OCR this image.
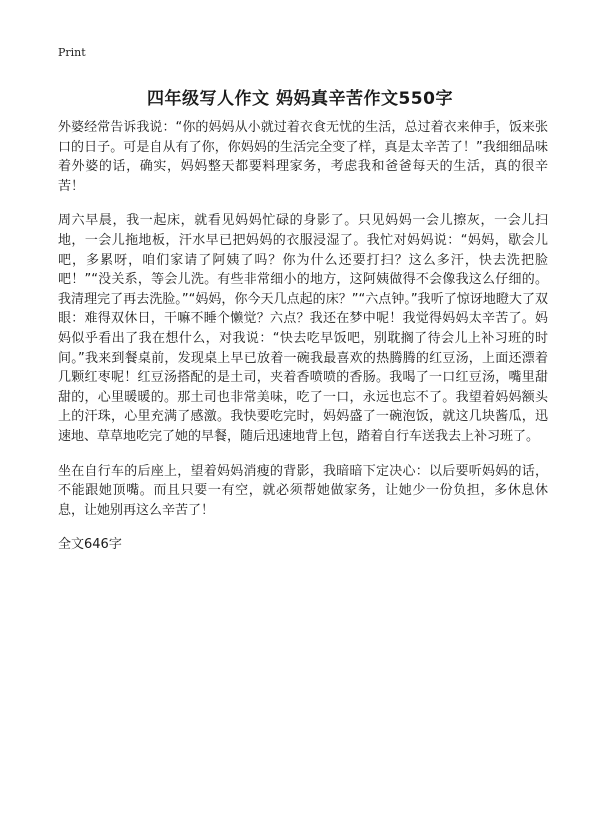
Print
四年级写人作文 妈妈真辛苦作文550字

外婆经常告诉我说：“你的妈妈从小就过着衣食无忧的生活，总过着衣来伸手，饭来张口的日子。可是自从有了你，你妈妈的生活完全变了样，真是太辛苦了！”我细细品味着外婆的话，确实，妈妈整天都要料理家务，考虑我和爸爸每天的生活，真的很辛苦！

周六早晨，我一起床，就看见妈妈忙碌的身影了。只见妈妈一会儿擦灰，一会儿扫地，一会儿拖地板，汗水早已把妈妈的衣服浸湿了。我忙对妈妈说：“妈妈，歇会儿吧，多累呀，咱们家请了阿姨了吗？你为什么还要打扫？这么多汗，快去洗把脸吧！”“没关系，等会儿洗。有些非常细小的地方，这阿姨做得不会像我这么仔细的。我清理完了再去洗脸。”“妈妈，你今天几点起的床？”“六点钟。”我听了惊讶地瞪大了双眼：难得双休日，干嘛不睡个懒觉？六点？我还在梦中呢！我觉得妈妈太辛苦了。妈妈似乎看出了我在想什么，对我说：“快去吃早饭吧，别耽搁了待会儿上补习班的时间。”我来到餐桌前，发现桌上早已放着一碗我最喜欢的热腾腾的红豆汤，上面还漂着几颗红枣呢！红豆汤搭配的是土司，夹着香喷喷的香肠。我喝了一口红豆汤，嘴里甜甜的，心里暖暖的。那土司也非常美味，吃了一口，永远也忘不了。我望着妈妈额头上的汗珠，心里充满了感激。我快要吃完时，妈妈盛了一碗泡饭，就这几块酱瓜，迅速地、草草地吃完了她的早餐，随后迅速地背上包，踏着自行车送我去上补习班了。

坐在自行车的后座上，望着妈妈消瘦的背影，我暗暗下定决心：以后要听妈妈的话，不能跟她顶嘴。而且只要一有空，就必须帮她做家务，让她少一份负担，多休息休息，让她别再这么辛苦了！

全文646字
